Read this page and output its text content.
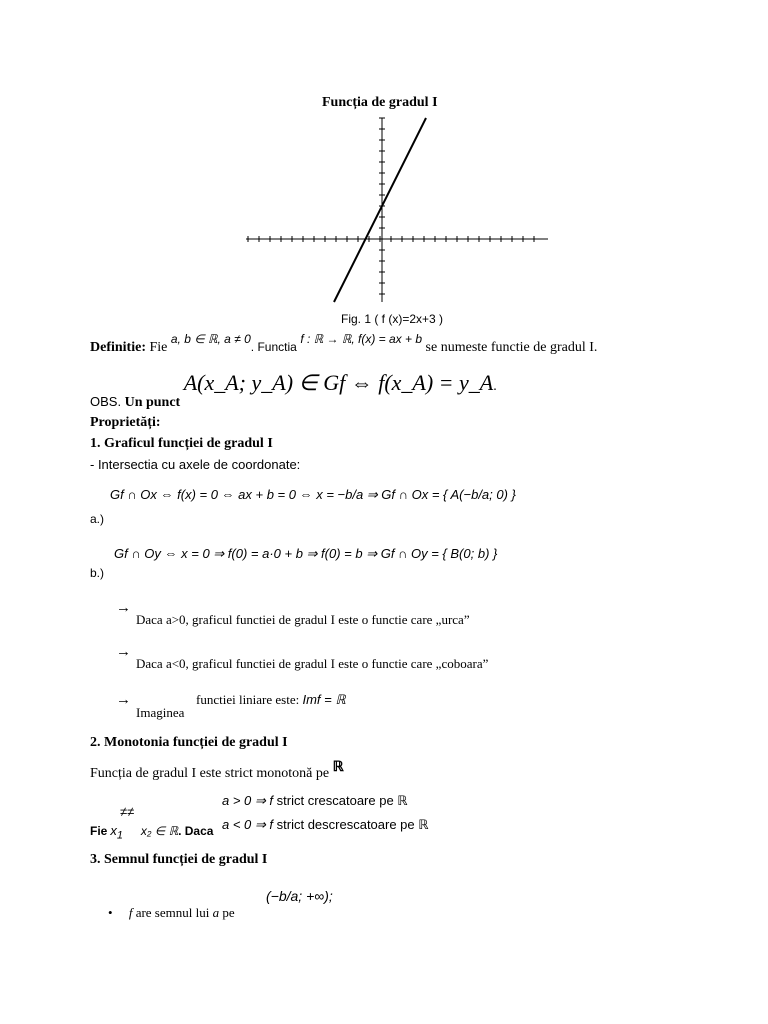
Funcția de gradul I
Fig. 1 ( f (x)=2x+3 )
Definitie: Fie a, b ∈ ℝ, a ≠ 0. Functia f : ℝ → ℝ, f(x) = ax + b se numeste functie de gradul I.
OBS. Un punct A(x_A; y_A) ∈ Gf ⇔ f(x_A) = y_A.
Proprietăți:
1. Graficul funcției de gradul I
- Intersectia cu axele de coordonate:
Gf ∩ Ox ⇔ f(x) = 0 ⇔ ax + b = 0 ⇔ x = −b/a ⇒ Gf ∩ Ox = { A(−b/a; 0) }
a.)
Gf ∩ Oy ⇔ x = 0 ⇒ f(0) = a·0 + b ⇒ f(0) = b ⇒ Gf ∩ Oy = { B(0; b) }
b.)
→
Daca a>0, graficul functiei de gradul I este o functie care „urca”
→
Daca a<0, graficul functiei de gradul I este o functie care „coboara”
→
Imaginea
functiei liniare este: Imf = ℝ
2. Monotonia funcției de gradul I
Funcția de gradul I este strict monotonă pe ℝ
≠≠
a > 0 ⇒ f strict crescatoare pe ℝ
a < 0 ⇒ f strict descrescatoare pe ℝ
Fie $x_1$ x₂ ∈ ℝ. Daca
3. Semnul funcției de gradul I
• f are semnul lui a pe
(−b/a; +∞);
